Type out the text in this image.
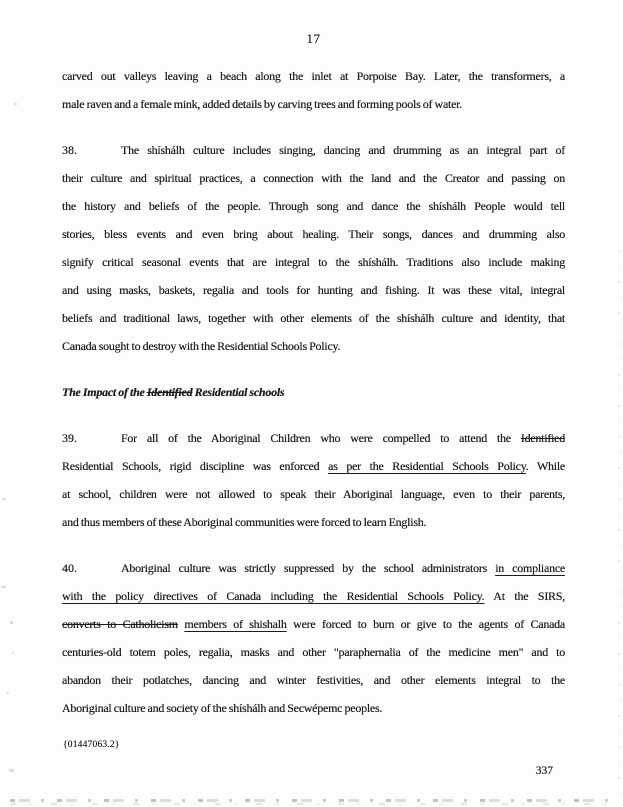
17
carved out valleys leaving a beach along the inlet at Porpoise Bay. Later, the transformers, a
male raven and a female mink, added details by carving trees and forming pools of water.
38.	The shíshálh culture includes singing, dancing and drumming as an integral part of
their culture and spiritual practices, a connection with the land and the Creator and passing on
the history and beliefs of the people. Through song and dance the shíshálh People would tell
stories, bless events and even bring about healing. Their songs, dances and drumming also
signify critical seasonal events that are integral to the shíshálh. Traditions also include making
and using masks, baskets, regalia and tools for hunting and fishing. It was these vital, integral
beliefs and traditional laws, together with other elements of the shíshálh culture and identity, that
Canada sought to destroy with the Residential Schools Policy.
The Impact of the Identified Residential schools
39.	For all of the Aboriginal Children who were compelled to attend the Identified
Residential Schools, rigid discipline was enforced as per the Residential Schools Policy. While
at school, children were not allowed to speak their Aboriginal language, even to their parents,
and thus members of these Aboriginal communities were forced to learn English.
40.	Aboriginal culture was strictly suppressed by the school administrators in compliance
with the policy directives of Canada including the Residential Schools Policy. At the SIRS,
converts to Catholicism members of shishalh were forced to burn or give to the agents of Canada
centuries-old totem poles, regalia, masks and other "paraphernalia of the medicine men" and to
abandon their potlatches, dancing and winter festivities, and other elements integral to the
Aboriginal culture and society of the shíshálh and Secwépemc peoples.
{01447063.2}
337
